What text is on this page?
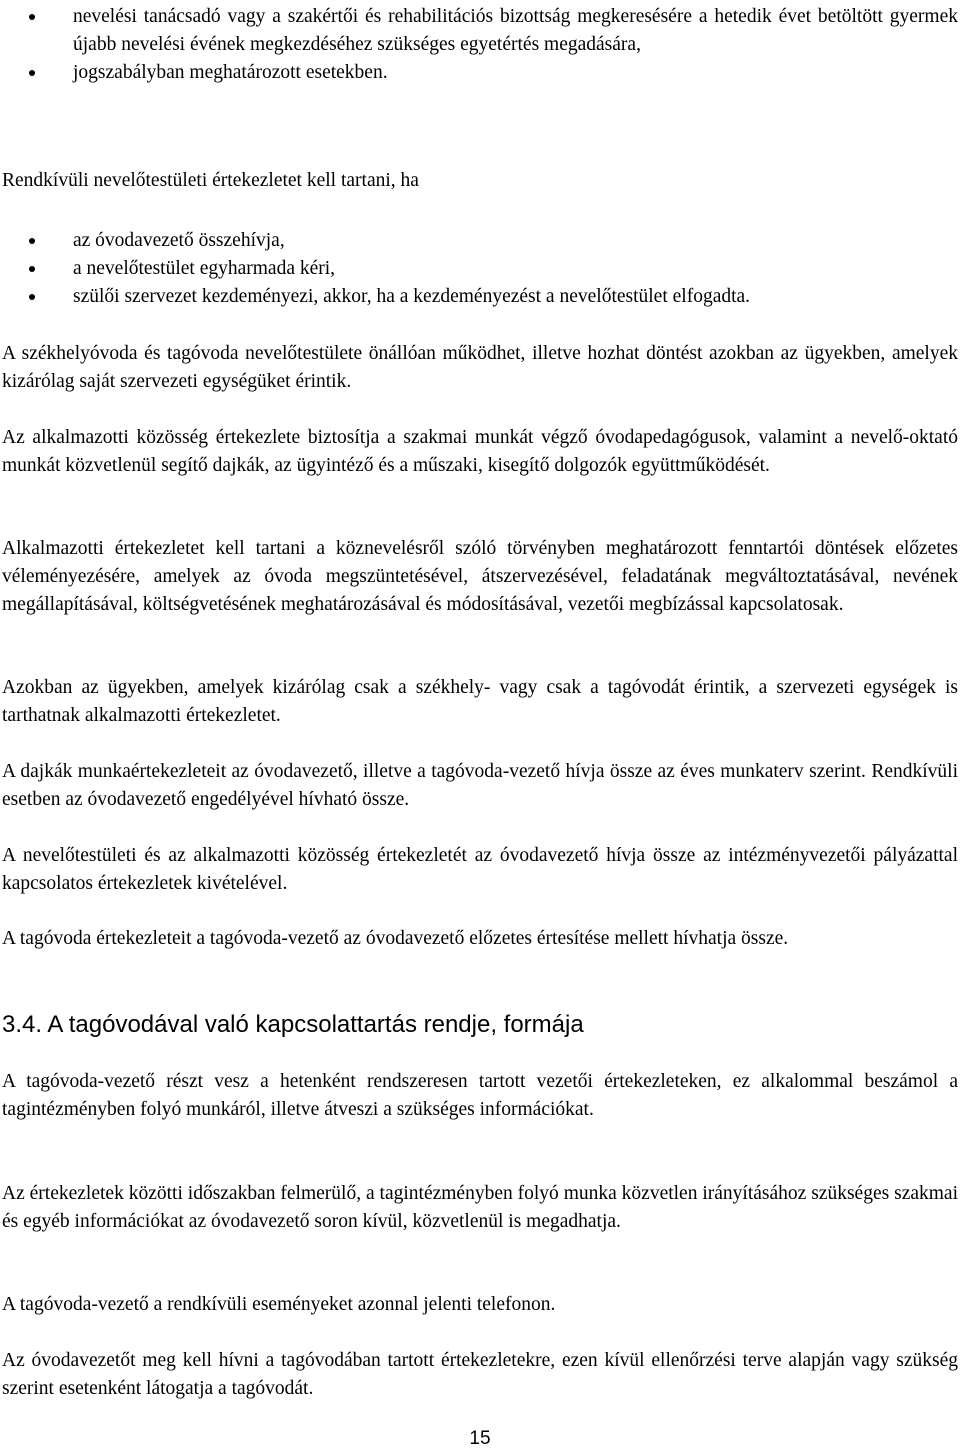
nevelési tanácsadó vagy a szakértői és rehabilitációs bizottság megkeresésére a hetedik évet betöltött gyermek újabb nevelési évének megkezdéséhez szükséges egyetértés megadására,
jogszabályban meghatározott esetekben.

Rendkívüli nevelőtestületi értekezletet kell tartani, ha

az óvodavezető összehívja,
a nevelőtestület egyharmada kéri,
szülői szervezet kezdeményezi, akkor, ha a kezdeményezést a nevelőtestület elfogadta.

A székhelyóvoda és tagóvoda nevelőtestülete önállóan működhet, illetve hozhat döntést azokban az ügyekben, amelyek kizárólag saját szervezeti egységüket érintik.

Az alkalmazotti közösség értekezlete biztosítja a szakmai munkát végző óvodapedagógusok, valamint a nevelő-oktató munkát közvetlenül segítő dajkák, az ügyintéző és a műszaki, kisegítő dolgozók együttműködését.

Alkalmazotti értekezletet kell tartani a köznevelésről szóló törvényben meghatározott fenntartói döntések előzetes véleményezésére, amelyek az óvoda megszüntetésével, átszervezésével, feladatának megváltoztatásával, nevének megállapításával, költségvetésének meghatározásával és módosításával, vezetői megbízással kapcsolatosak.

Azokban az ügyekben, amelyek kizárólag csak a székhely- vagy csak a tagóvodát érintik, a szervezeti egységek is tarthatnak alkalmazotti értekezletet.

A dajkák munkaértekezleteit az óvodavezető, illetve a tagóvoda-vezető hívja össze az éves munkaterv szerint. Rendkívüli esetben az óvodavezető engedélyével hívható össze.

A nevelőtestületi és az alkalmazotti közösség értekezletét az óvodavezető hívja össze az intézményvezetői pályázattal kapcsolatos értekezletek kivételével.

A tagóvoda értekezleteit a tagóvoda-vezető az óvodavezető előzetes értesítése mellett hívhatja össze.

3.4. A tagóvodával való kapcsolattartás rendje, formája

A tagóvoda-vezető részt vesz a hetenként rendszeresen tartott vezetői értekezleteken, ez alkalommal beszámol a tagintézményben folyó munkáról, illetve átveszi a szükséges információkat.

Az értekezletek közötti időszakban felmerülő, a tagintézményben folyó munka közvetlen irányításához szükséges szakmai és egyéb információkat az óvodavezető soron kívül, közvetlenül is megadhatja.

A tagóvoda-vezető a rendkívüli eseményeket azonnal jelenti telefonon.

Az óvodavezetőt meg kell hívni a tagóvodában tartott értekezletekre, ezen kívül ellenőrzési terve alapján vagy szükség szerint esetenként látogatja a tagóvodát.

15
